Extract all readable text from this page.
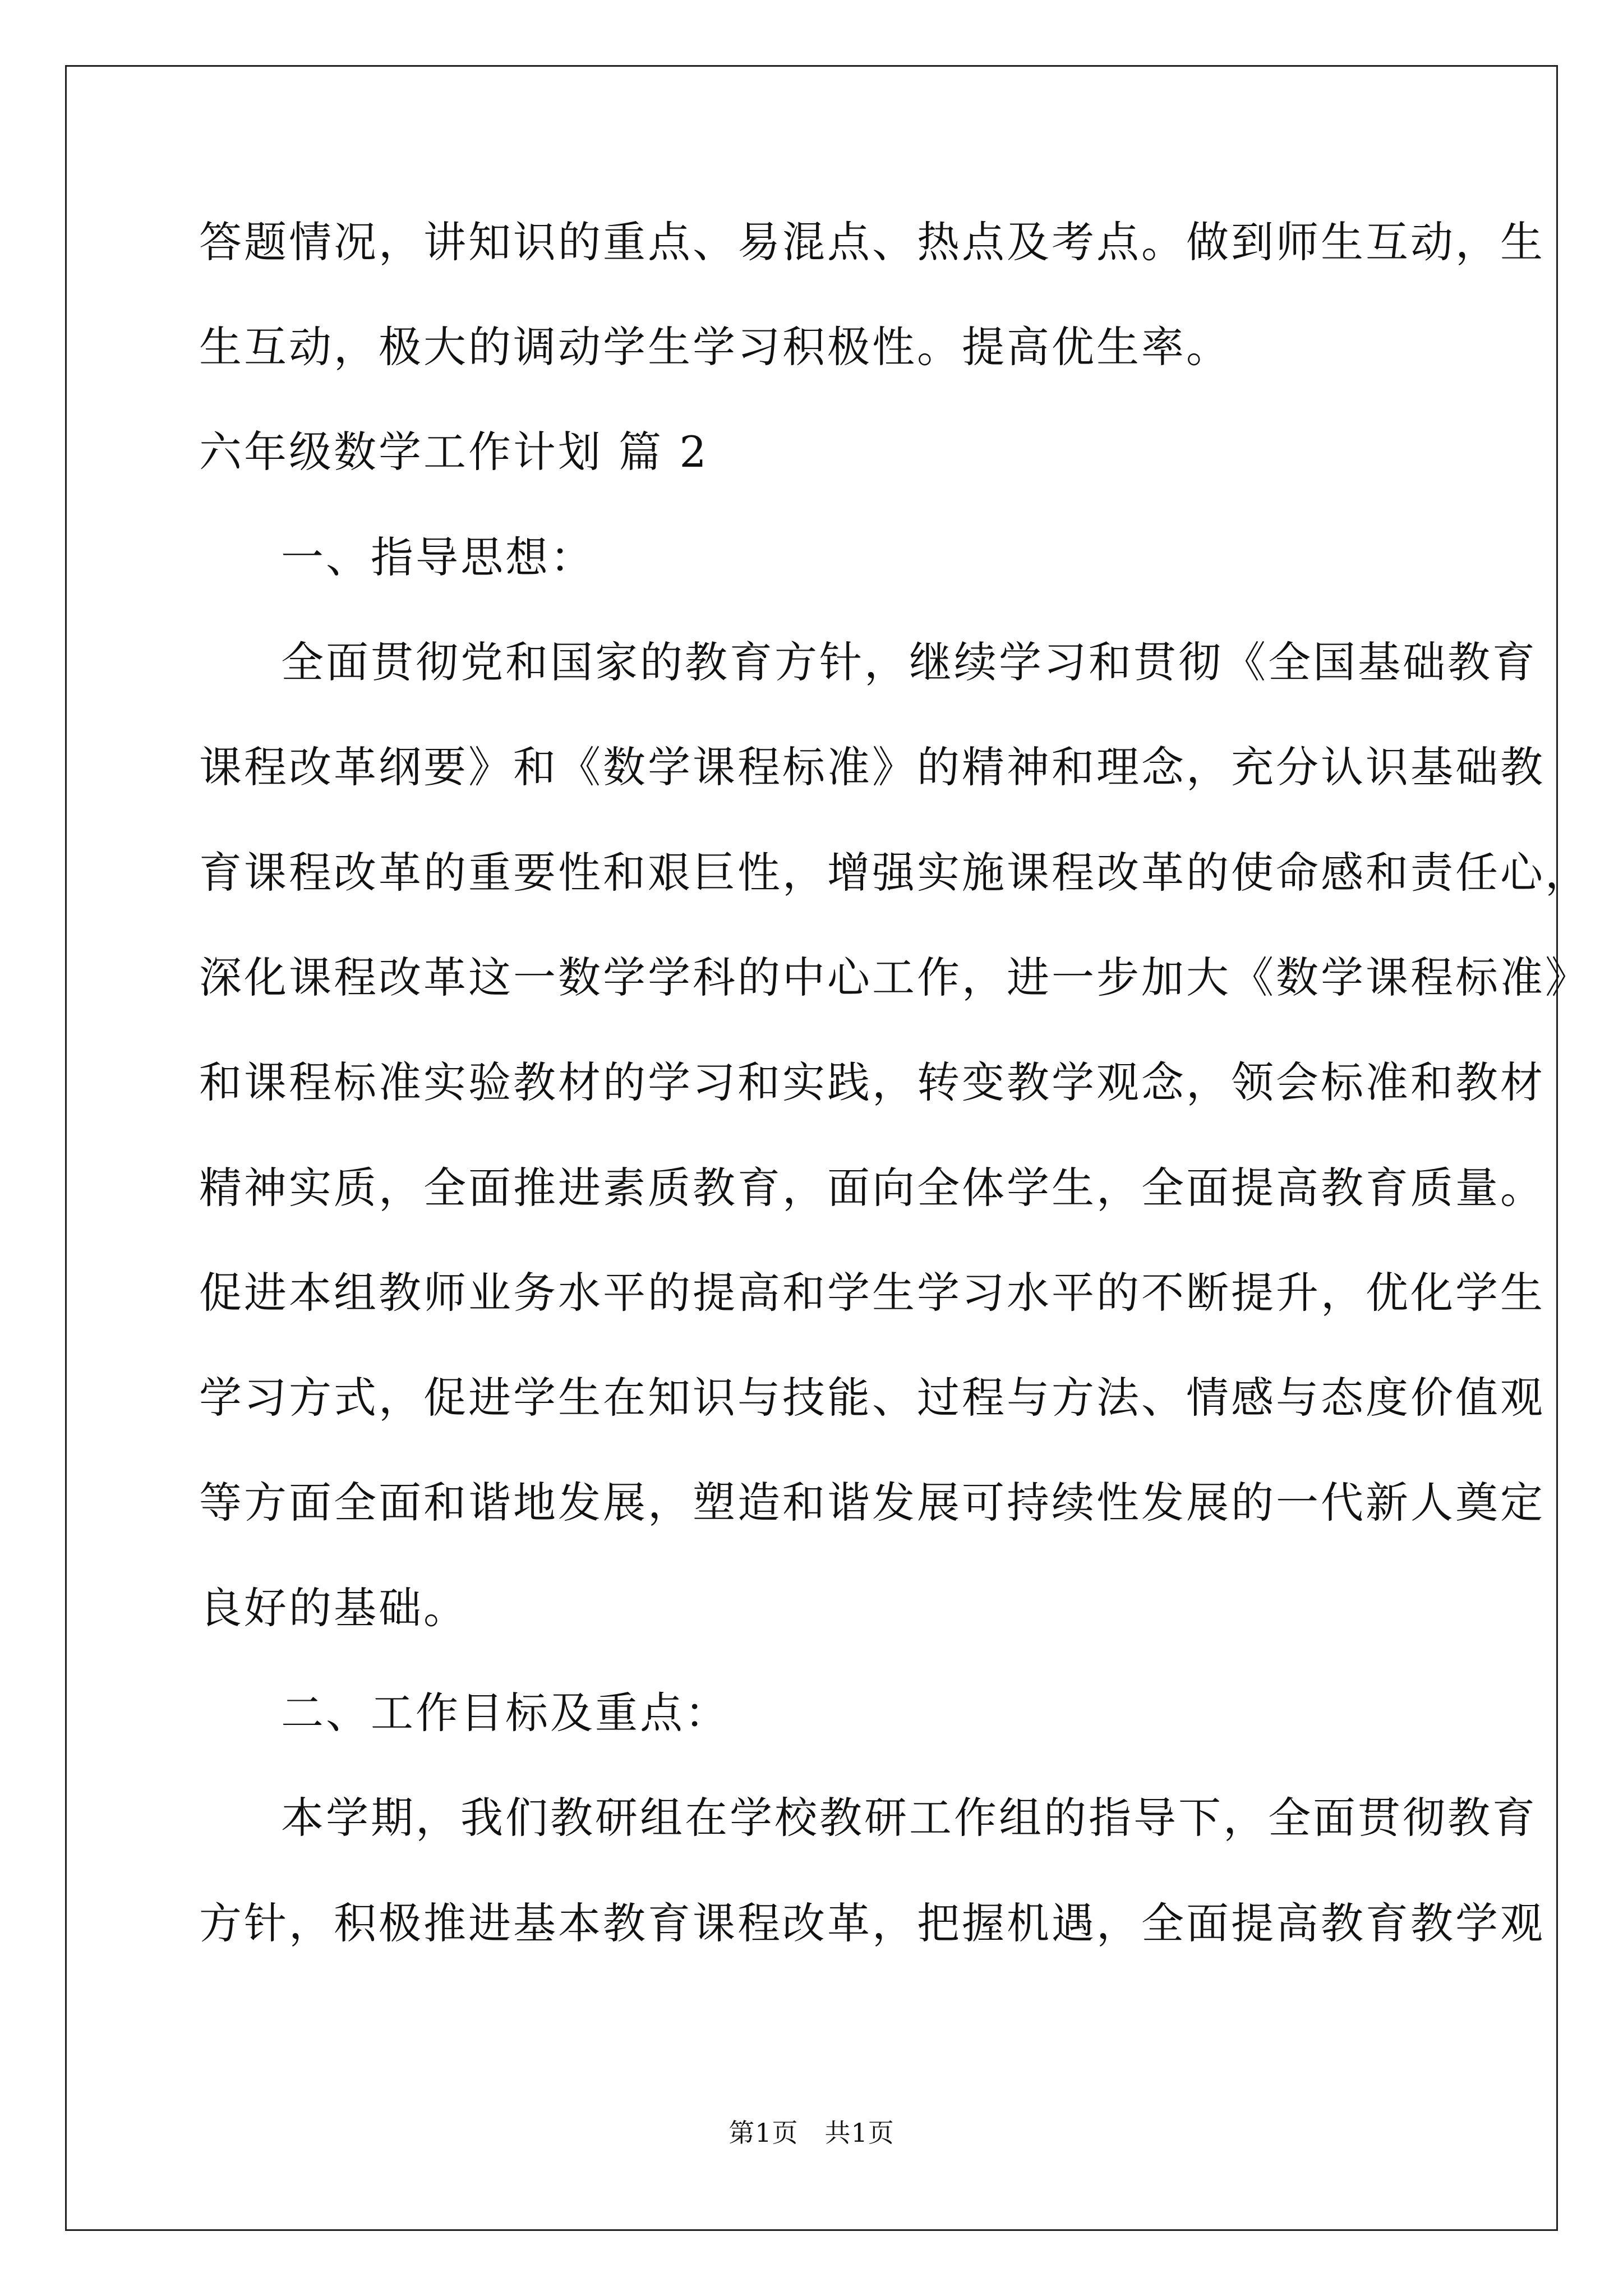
答题情况，讲知识的重点、易混点、热点及考点。做到师生互动，生
生互动，极大的调动学生学习积极性。提高优生率。
六年级数学工作计划 篇 2
一、指导思想：
全面贯彻党和国家的教育方针，继续学习和贯彻《全国基础教育
课程改革纲要》和《数学课程标准》的精神和理念，充分认识基础教
育课程改革的重要性和艰巨性，增强实施课程改革的使命感和责任心，
深化课程改革这一数学学科的中心工作，进一步加大《数学课程标准》
和课程标准实验教材的学习和实践，转变教学观念，领会标准和教材
精神实质，全面推进素质教育，面向全体学生，全面提高教育质量。
促进本组教师业务水平的提高和学生学习水平的不断提升，优化学生
学习方式，促进学生在知识与技能、过程与方法、情感与态度价值观
等方面全面和谐地发展，塑造和谐发展可持续性发展的一代新人奠定
良好的基础。
二、工作目标及重点：
本学期，我们教研组在学校教研工作组的指导下，全面贯彻教育
方针，积极推进基本教育课程改革，把握机遇，全面提高教育教学观
第1页　共1页
